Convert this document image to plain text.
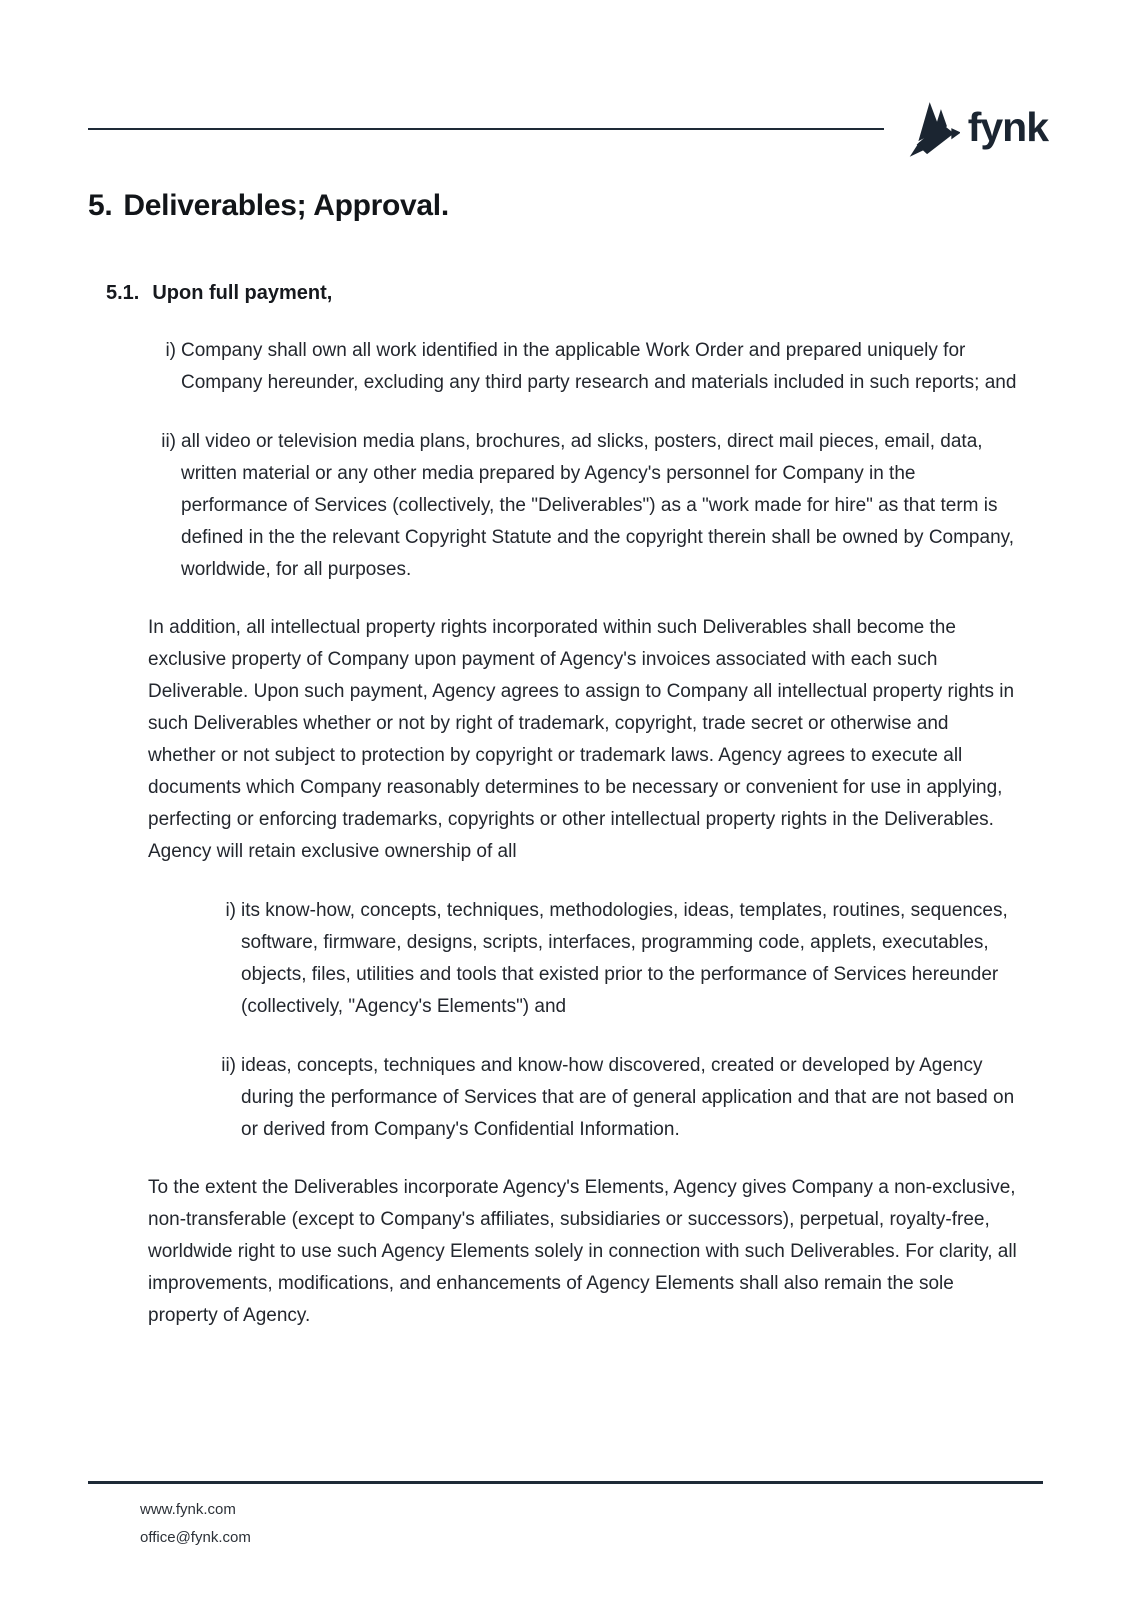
fynk
5. Deliverables; Approval.
5.1. Upon full payment,
i) Company shall own all work identified in the applicable Work Order and prepared uniquely for Company hereunder, excluding any third party research and materials included in such reports; and
ii) all video or television media plans, brochures, ad slicks, posters, direct mail pieces, email, data, written material or any other media prepared by Agency's personnel for Company in the performance of Services (collectively, the "Deliverables") as a "work made for hire" as that term is defined in the the relevant Copyright Statute and the copyright therein shall be owned by Company, worldwide, for all purposes.

In addition, all intellectual property rights incorporated within such Deliverables shall become the exclusive property of Company upon payment of Agency's invoices associated with each such Deliverable. Upon such payment, Agency agrees to assign to Company all intellectual property rights in such Deliverables whether or not by right of trademark, copyright, trade secret or otherwise and whether or not subject to protection by copyright or trademark laws. Agency agrees to execute all documents which Company reasonably determines to be necessary or convenient for use in applying, perfecting or enforcing trademarks, copyrights or other intellectual property rights in the Deliverables. Agency will retain exclusive ownership of all

i) its know-how, concepts, techniques, methodologies, ideas, templates, routines, sequences, software, firmware, designs, scripts, interfaces, programming code, applets, executables, objects, files, utilities and tools that existed prior to the performance of Services hereunder (collectively, "Agency's Elements") and
ii) ideas, concepts, techniques and know-how discovered, created or developed by Agency during the performance of Services that are of general application and that are not based on or derived from Company's Confidential Information.

To the extent the Deliverables incorporate Agency's Elements, Agency gives Company a non-exclusive, non-transferable (except to Company's affiliates, subsidiaries or successors), perpetual, royalty-free, worldwide right to use such Agency Elements solely in connection with such Deliverables. For clarity, all improvements, modifications, and enhancements of Agency Elements shall also remain the sole property of Agency.

www.fynk.com
office@fynk.com
